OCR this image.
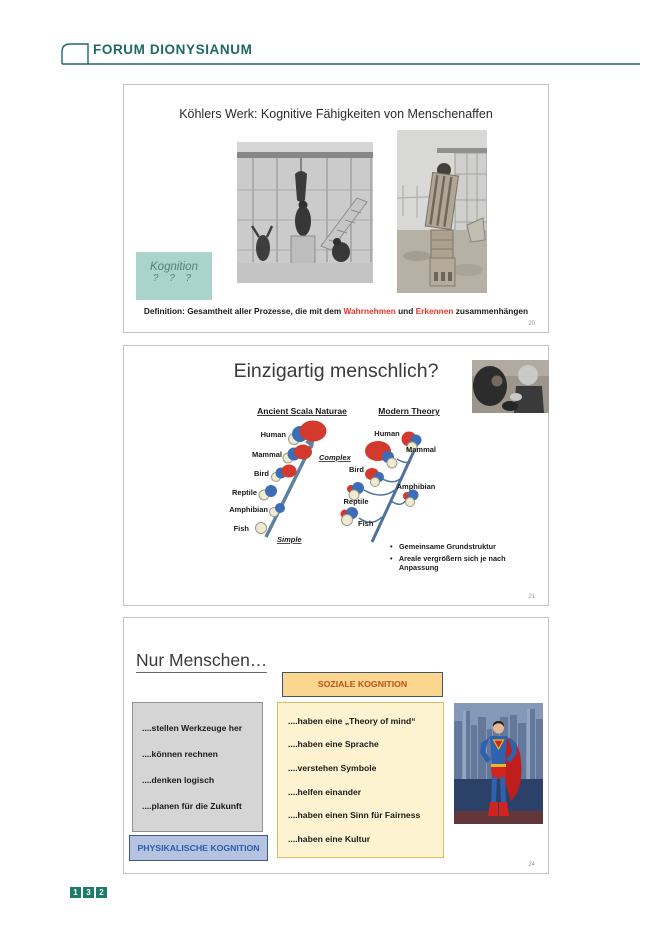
FORUM DIONYSIANUM
Köhlers Werk: Kognitive Fähigkeiten von Menschenaffen
Kognition
? ? ?
Definition: Gesamtheit aller Prozesse, die mit dem Wahrnehmen und Erkennen zusammenhängen
20
Einzigartig menschlich?
Ancient Scala Naturae
Human
Mammal
Bird
Reptile
Amphibian
Fish
Complex
Simple
Modern Theory
Human
Mammal
Bird
Reptile
Amphibian
Fish
• Gemeinsame Grundstruktur
• Areale vergrößern sich je nach Anpassung
21
Nur Menschen…
SOZIALE KOGNITION
....stellen Werkzeuge her
....können rechnen
....denken logisch
....planen für die Zukunft
PHYSIKALISCHE KOGNITION
....haben eine „Theory of mind“
....haben eine Sprache
....verstehen Symbole
....helfen einander
....haben einen Sinn für Fairness
....haben eine Kultur
24
1	3	2
